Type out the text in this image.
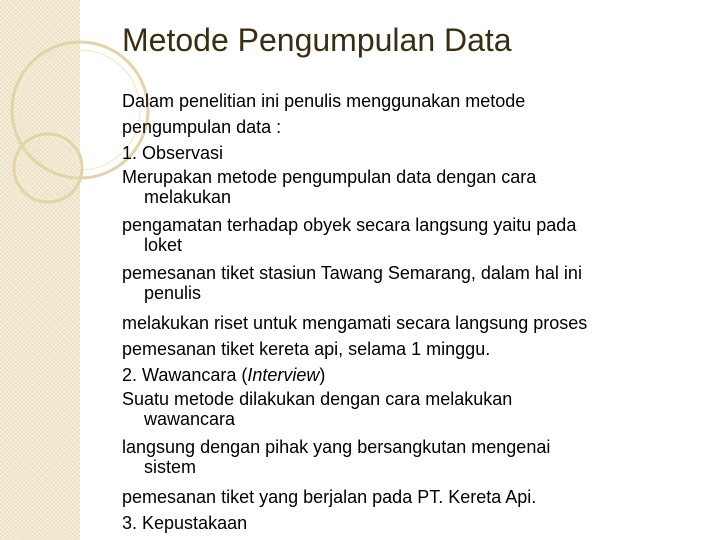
Metode Pengumpulan Data
Dalam penelitian ini penulis menggunakan metode
pengumpulan data :
1. Observasi
Merupakan metode pengumpulan data dengan cara
melakukan
pengamatan terhadap obyek secara langsung yaitu pada
loket
pemesanan tiket stasiun Tawang Semarang, dalam hal ini
penulis
melakukan riset untuk mengamati secara langsung proses
pemesanan tiket kereta api, selama 1 minggu.
2. Wawancara (Interview)
Suatu metode dilakukan dengan cara melakukan
wawancara
langsung dengan pihak yang bersangkutan mengenai
sistem
pemesanan tiket yang berjalan pada PT. Kereta Api.
3. Kepustakaan
